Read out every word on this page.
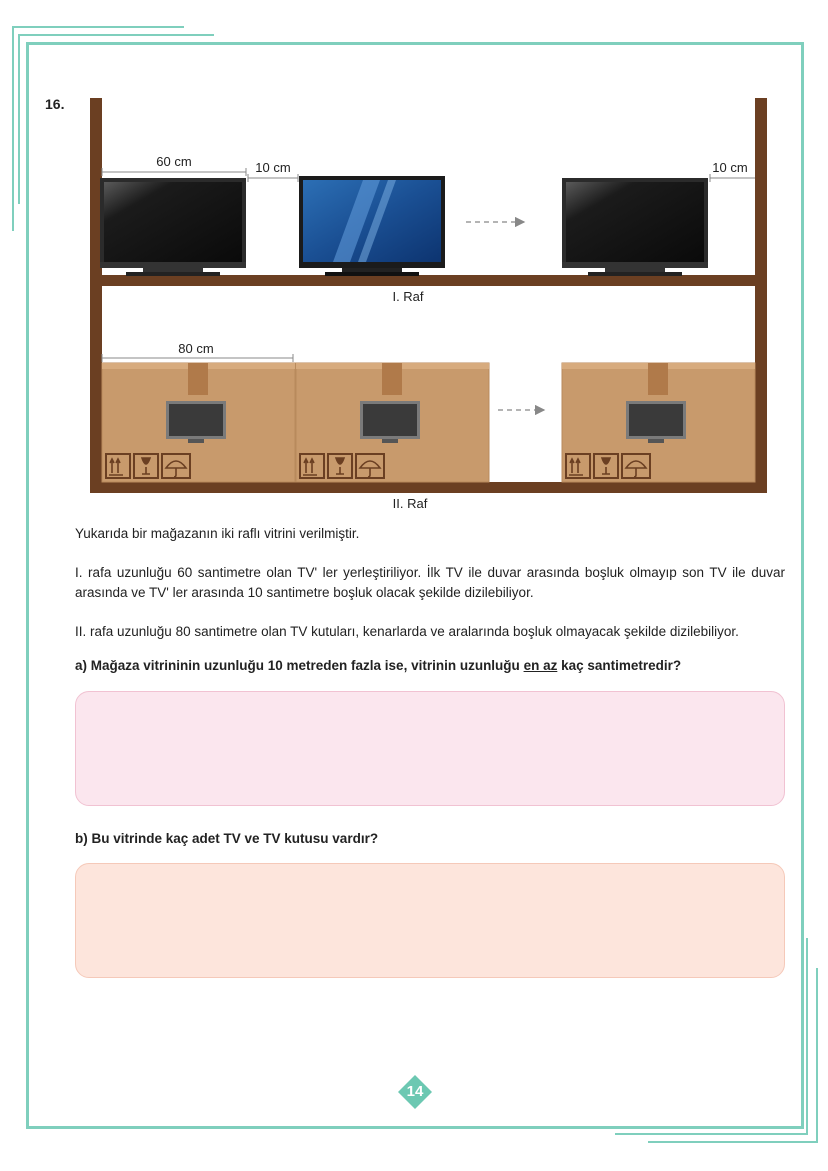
16.
60 cm	10 cm	10 cm
I. Raf
80 cm
II. Raf
Yukarıda bir mağazanın iki raflı vitrini verilmiştir.
I. rafa uzunluğu 60 santimetre olan TV' ler yerleştiriliyor. İlk TV ile duvar arasında boşluk olmayıp son TV ile duvar arasında ve TV' ler arasında 10 santimetre boşluk olacak şekilde dizilebiliyor.
II. rafa uzunluğu 80 santimetre olan TV kutuları, kenarlarda ve aralarında boşluk olmayacak şekilde dizilebiliyor.
a) Mağaza vitrininin uzunluğu 10 metreden fazla ise, vitrinin uzunluğu en az kaç santimetredir?
b) Bu vitrinde kaç adet TV ve TV kutusu vardır?
14
